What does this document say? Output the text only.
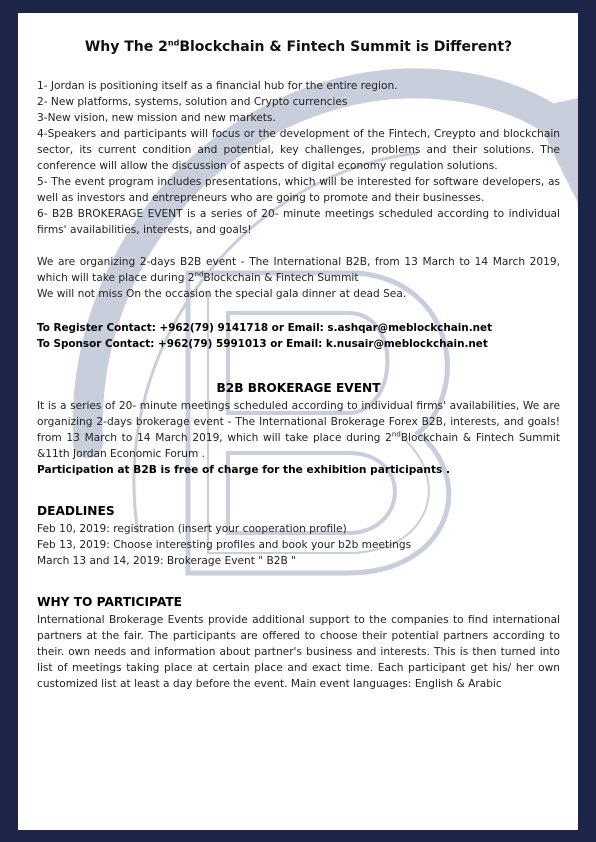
Why The 2ndBlockchain & Fintech Summit is Different?

1- Jordan is positioning itself as a financial hub for the entire region.

2- New platforms, systems, solution and Crypto currencies

3-New vision, new mission and new markets.

4-Speakers and participants will focus or the development of the Fintech, Creypto and blockchain sector, its current condition and potential, key challenges, problems and their solutions. The conference will allow the discussion of aspects of digital economy regulation solutions.

5- The event program includes presentations, which will be interested for software developers, as well as investors and entrepreneurs who are going to promote and their businesses.

6- B2B BROKERAGE EVENT is a series of 20- minute meetings scheduled according to individual firms' availabilities, interests, and goals!

We are organizing 2-days B2B event - The International B2B, from 13 March to 14 March 2019, which will take place during 2ndBlockchain & Fintech Summit

We will not miss On the occasion the special gala dinner at dead Sea.

To Register Contact: +962(79) 9141718 or Email: s.ashqar@meblockchain.net

To Sponsor Contact: +962(79) 5991013 or Email: k.nusair@meblockchain.net

B2B BROKERAGE EVENT

It is a series of 20- minute meetings scheduled according to individual firms' availabilities, We are organizing 2-days brokerage event - The International Brokerage Forex B2B, interests, and goals! from 13 March to 14 March 2019, which will take place during 2ndBlockchain & Fintech Summit &11th Jordan Economic Forum .

Participation at B2B is free of charge for the exhibition participants .

DEADLINES

Feb 10, 2019: registration (insert your cooperation profile)

Feb 13, 2019: Choose interesting profiles and book your b2b meetings

March 13 and 14, 2019: Brokerage Event " B2B "

WHY TO PARTICIPATE

International Brokerage Events provide additional support to the companies to find international partners at the fair. The participants are offered to choose their potential partners according to their. own needs and information about partner's business and interests. This is then turned into list of meetings taking place at certain place and exact time. Each participant get his/ her own customized list at least a day before the event. Main event languages: English & Arabic
